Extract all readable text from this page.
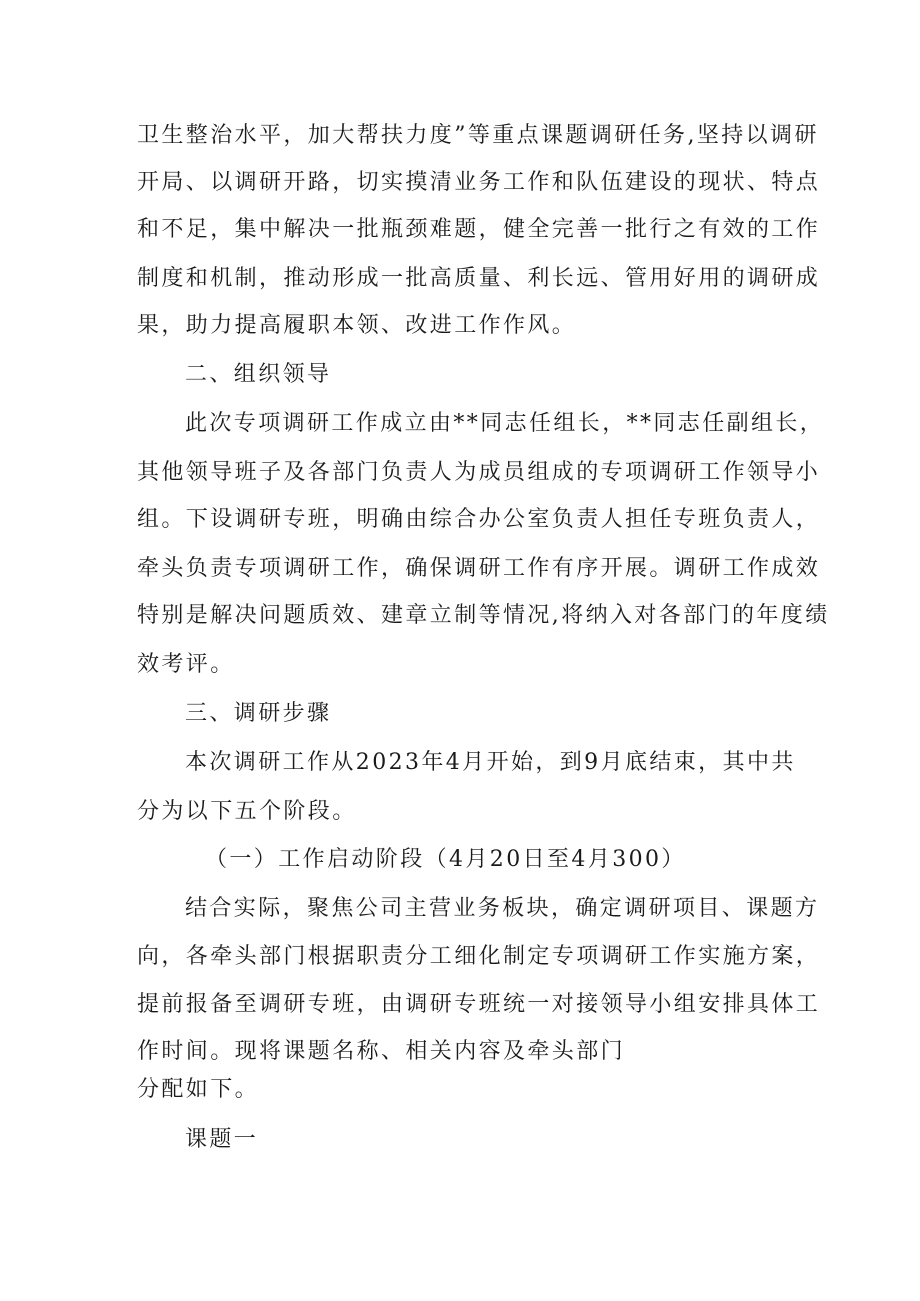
卫生整治水平，加大帮扶力度”等重点课题调研任务,坚持以调研
开局、以调研开路，切实摸清业务工作和队伍建设的现状、特点
和不足，集中解决一批瓶颈难题，健全完善一批行之有效的工作
制度和机制，推动形成一批高质量、利长远、管用好用的调研成
果，助力提高履职本领、改进工作作风。
二、组织领导
此次专项调研工作成立由**同志任组长，**同志任副组长，
其他领导班子及各部门负责人为成员组成的专项调研工作领导小
组。下设调研专班，明确由综合办公室负责人担任专班负责人，
牵头负责专项调研工作，确保调研工作有序开展。调研工作成效
特别是解决问题质效、建章立制等情况,将纳入对各部门的年度绩
效考评。
三、调研步骤
本次调研工作从2023年4月开始，到9月底结束，其中共
分为以下五个阶段。
（一）工作启动阶段（4月20日至4月300）
结合实际，聚焦公司主营业务板块，确定调研项目、课题方
向，各牵头部门根据职责分工细化制定专项调研工作实施方案，
提前报备至调研专班，由调研专班统一对接领导小组安排具体工
作时间。现将课题名称、相关内容及牵头部门
分配如下。
课题一
